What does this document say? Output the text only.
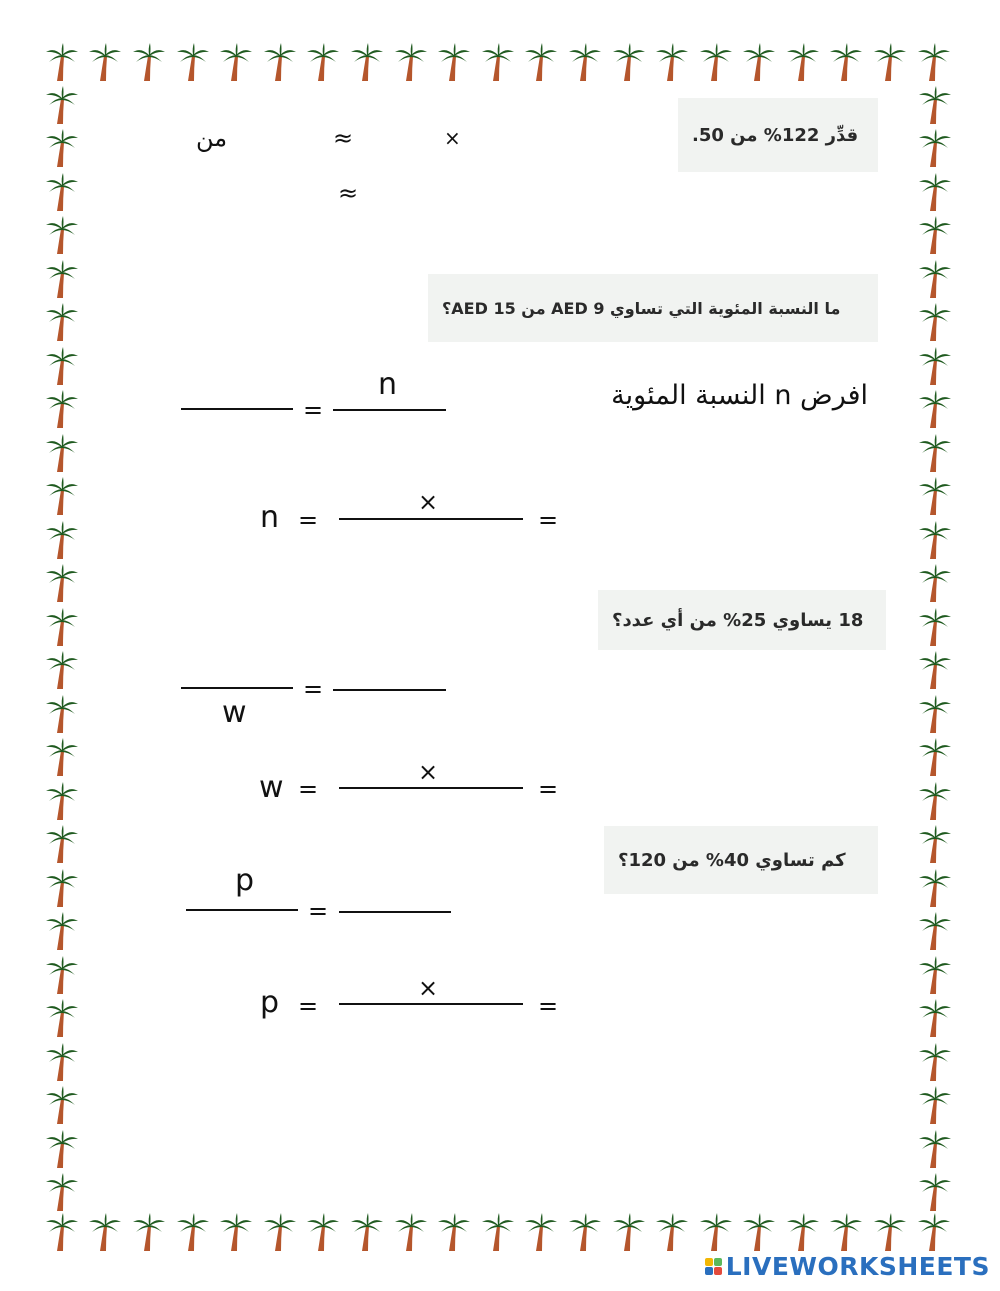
قدِّر 122% من 50.
من	≈	×
≈
ما النسبة المئوية التي تساوي AED 9 من AED 15؟
افرض n النسبة المئوية
=
n
n =
×
=
18 يساوي 25% من أي عدد؟
w
=
w =
×
=
كم تساوي 40% من 120؟
p
=
p =
×
=
LIVEWORKSHEETS
